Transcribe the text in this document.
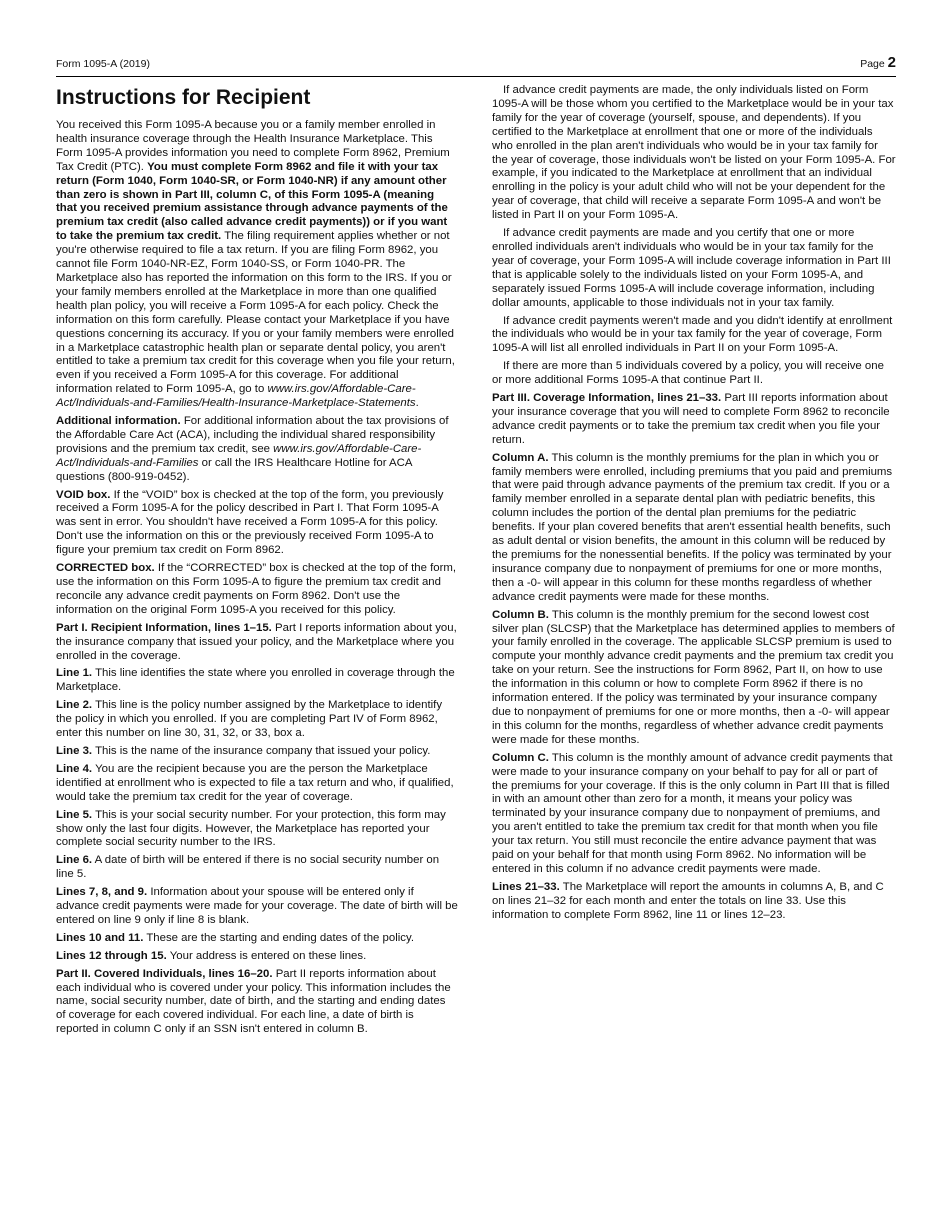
Form 1095-A (2019)	Page 2
Instructions for Recipient

You received this Form 1095-A because you or a family member enrolled in health insurance coverage through the Health Insurance Marketplace. This Form 1095-A provides information you need to complete Form 8962, Premium Tax Credit (PTC). You must complete Form 8962 and file it with your tax return (Form 1040, Form 1040-SR, or Form 1040-NR) if any amount other than zero is shown in Part III, column C, of this Form 1095-A (meaning that you received premium assistance through advance payments of the premium tax credit (also called advance credit payments)) or if you want to take the premium tax credit. The filing requirement applies whether or not you're otherwise required to file a tax return. If you are filing Form 8962, you cannot file Form 1040-NR-EZ, Form 1040-SS, or Form 1040-PR. The Marketplace also has reported the information on this form to the IRS. If you or your family members enrolled at the Marketplace in more than one qualified health plan policy, you will receive a Form 1095-A for each policy. Check the information on this form carefully. Please contact your Marketplace if you have questions concerning its accuracy. If you or your family members were enrolled in a Marketplace catastrophic health plan or separate dental policy, you aren't entitled to take a premium tax credit for this coverage when you file your return, even if you received a Form 1095-A for this coverage. For additional information related to Form 1095-A, go to www.irs.gov/Affordable-Care-Act/Individuals-and-Families/Health-Insurance-Marketplace-Statements.

Additional information. For additional information about the tax provisions of the Affordable Care Act (ACA), including the individual shared responsibility provisions and the premium tax credit, see www.irs.gov/Affordable-Care-Act/Individuals-and-Families or call the IRS Healthcare Hotline for ACA questions (800-919-0452).

VOID box. If the “VOID” box is checked at the top of the form, you previously received a Form 1095-A for the policy described in Part I. That Form 1095-A was sent in error. You shouldn't have received a Form 1095-A for this policy. Don't use the information on this or the previously received Form 1095-A to figure your premium tax credit on Form 8962.

CORRECTED box. If the “CORRECTED” box is checked at the top of the form, use the information on this Form 1095-A to figure the premium tax credit and reconcile any advance credit payments on Form 8962. Don't use the information on the original Form 1095-A you received for this policy.

Part I. Recipient Information, lines 1–15. Part I reports information about you, the insurance company that issued your policy, and the Marketplace where you enrolled in the coverage.

Line 1. This line identifies the state where you enrolled in coverage through the Marketplace.

Line 2. This line is the policy number assigned by the Marketplace to identify the policy in which you enrolled. If you are completing Part IV of Form 8962, enter this number on line 30, 31, 32, or 33, box a.

Line 3. This is the name of the insurance company that issued your policy.

Line 4. You are the recipient because you are the person the Marketplace identified at enrollment who is expected to file a tax return and who, if qualified, would take the premium tax credit for the year of coverage.

Line 5. This is your social security number. For your protection, this form may show only the last four digits. However, the Marketplace has reported your complete social security number to the IRS.

Line 6. A date of birth will be entered if there is no social security number on line 5.

Lines 7, 8, and 9. Information about your spouse will be entered only if advance credit payments were made for your coverage. The date of birth will be entered on line 9 only if line 8 is blank.

Lines 10 and 11. These are the starting and ending dates of the policy.

Lines 12 through 15. Your address is entered on these lines.

Part II. Covered Individuals, lines 16–20. Part II reports information about each individual who is covered under your policy. This information includes the name, social security number, date of birth, and the starting and ending dates of coverage for each covered individual. For each line, a date of birth is reported in column C only if an SSN isn't entered in column B.

If advance credit payments are made, the only individuals listed on Form 1095-A will be those whom you certified to the Marketplace would be in your tax family for the year of coverage (yourself, spouse, and dependents). If you certified to the Marketplace at enrollment that one or more of the individuals who enrolled in the plan aren't individuals who would be in your tax family for the year of coverage, those individuals won't be listed on your Form 1095-A. For example, if you indicated to the Marketplace at enrollment that an individual enrolling in the policy is your adult child who will not be your dependent for the year of coverage, that child will receive a separate Form 1095-A and won't be listed in Part II on your Form 1095-A.

If advance credit payments are made and you certify that one or more enrolled individuals aren't individuals who would be in your tax family for the year of coverage, your Form 1095-A will include coverage information in Part III that is applicable solely to the individuals listed on your Form 1095-A, and separately issued Forms 1095-A will include coverage information, including dollar amounts, applicable to those individuals not in your tax family.

If advance credit payments weren't made and you didn't identify at enrollment the individuals who would be in your tax family for the year of coverage, Form 1095-A will list all enrolled individuals in Part II on your Form 1095-A.

If there are more than 5 individuals covered by a policy, you will receive one or more additional Forms 1095-A that continue Part II.

Part III. Coverage Information, lines 21–33. Part III reports information about your insurance coverage that you will need to complete Form 8962 to reconcile advance credit payments or to take the premium tax credit when you file your return.

Column A. This column is the monthly premiums for the plan in which you or family members were enrolled, including premiums that you paid and premiums that were paid through advance payments of the premium tax credit. If you or a family member enrolled in a separate dental plan with pediatric benefits, this column includes the portion of the dental plan premiums for the pediatric benefits. If your plan covered benefits that aren't essential health benefits, such as adult dental or vision benefits, the amount in this column will be reduced by the premiums for the nonessential benefits. If the policy was terminated by your insurance company due to nonpayment of premiums for one or more months, then a -0- will appear in this column for these months regardless of whether advance credit payments were made for these months.

Column B. This column is the monthly premium for the second lowest cost silver plan (SLCSP) that the Marketplace has determined applies to members of your family enrolled in the coverage. The applicable SLCSP premium is used to compute your monthly advance credit payments and the premium tax credit you take on your return. See the instructions for Form 8962, Part II, on how to use the information in this column or how to complete Form 8962 if there is no information entered. If the policy was terminated by your insurance company due to nonpayment of premiums for one or more months, then a -0- will appear in this column for the months, regardless of whether advance credit payments were made for these months.

Column C. This column is the monthly amount of advance credit payments that were made to your insurance company on your behalf to pay for all or part of the premiums for your coverage. If this is the only column in Part III that is filled in with an amount other than zero for a month, it means your policy was terminated by your insurance company due to nonpayment of premiums, and you aren't entitled to take the premium tax credit for that month when you file your tax return. You still must reconcile the entire advance payment that was paid on your behalf for that month using Form 8962. No information will be entered in this column if no advance credit payments were made.

Lines 21–33. The Marketplace will report the amounts in columns A, B, and C on lines 21–32 for each month and enter the totals on line 33. Use this information to complete Form 8962, line 11 or lines 12–23.
